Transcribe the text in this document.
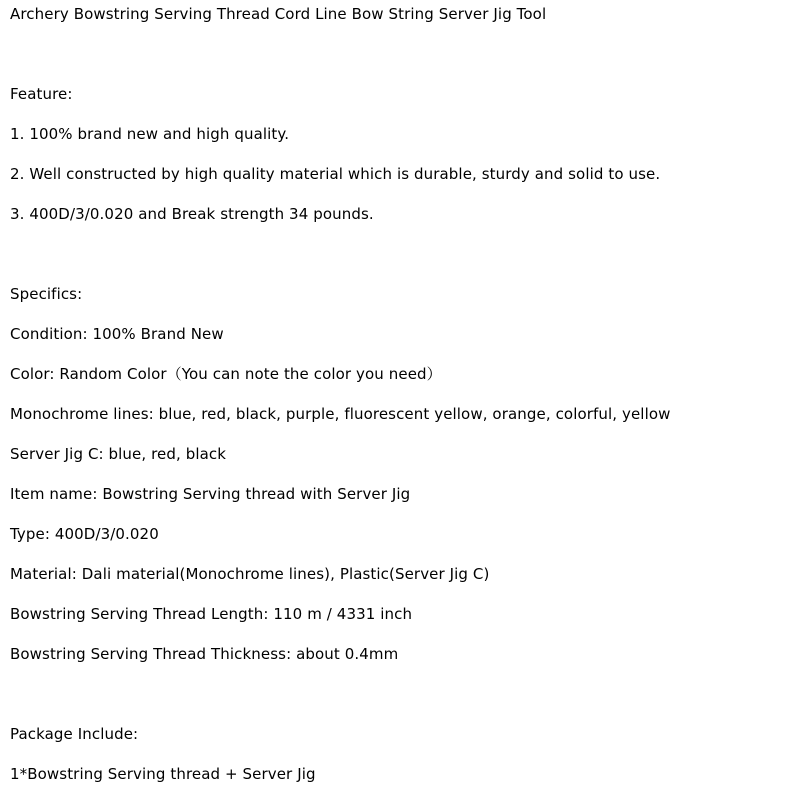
Archery Bowstring Serving Thread Cord Line Bow String Server Jig Tool
Feature:
1. 100% brand new and high quality.
2. Well constructed by high quality material which is durable, sturdy and solid to use.
3. 400D/3/0.020 and Break strength 34 pounds.
Specifics:
Condition: 100% Brand New
Color: Random Color（You can note the color you need）
Monochrome lines: blue, red, black, purple, fluorescent yellow, orange, colorful, yellow
Server Jig C: blue, red, black
Item name: Bowstring Serving thread with Server Jig
Type: 400D/3/0.020
Material: Dali material(Monochrome lines), Plastic(Server Jig C)
Bowstring Serving Thread Length: 110 m / 4331 inch
Bowstring Serving Thread Thickness: about 0.4mm
Package Include:
1*Bowstring Serving thread + Server Jig
